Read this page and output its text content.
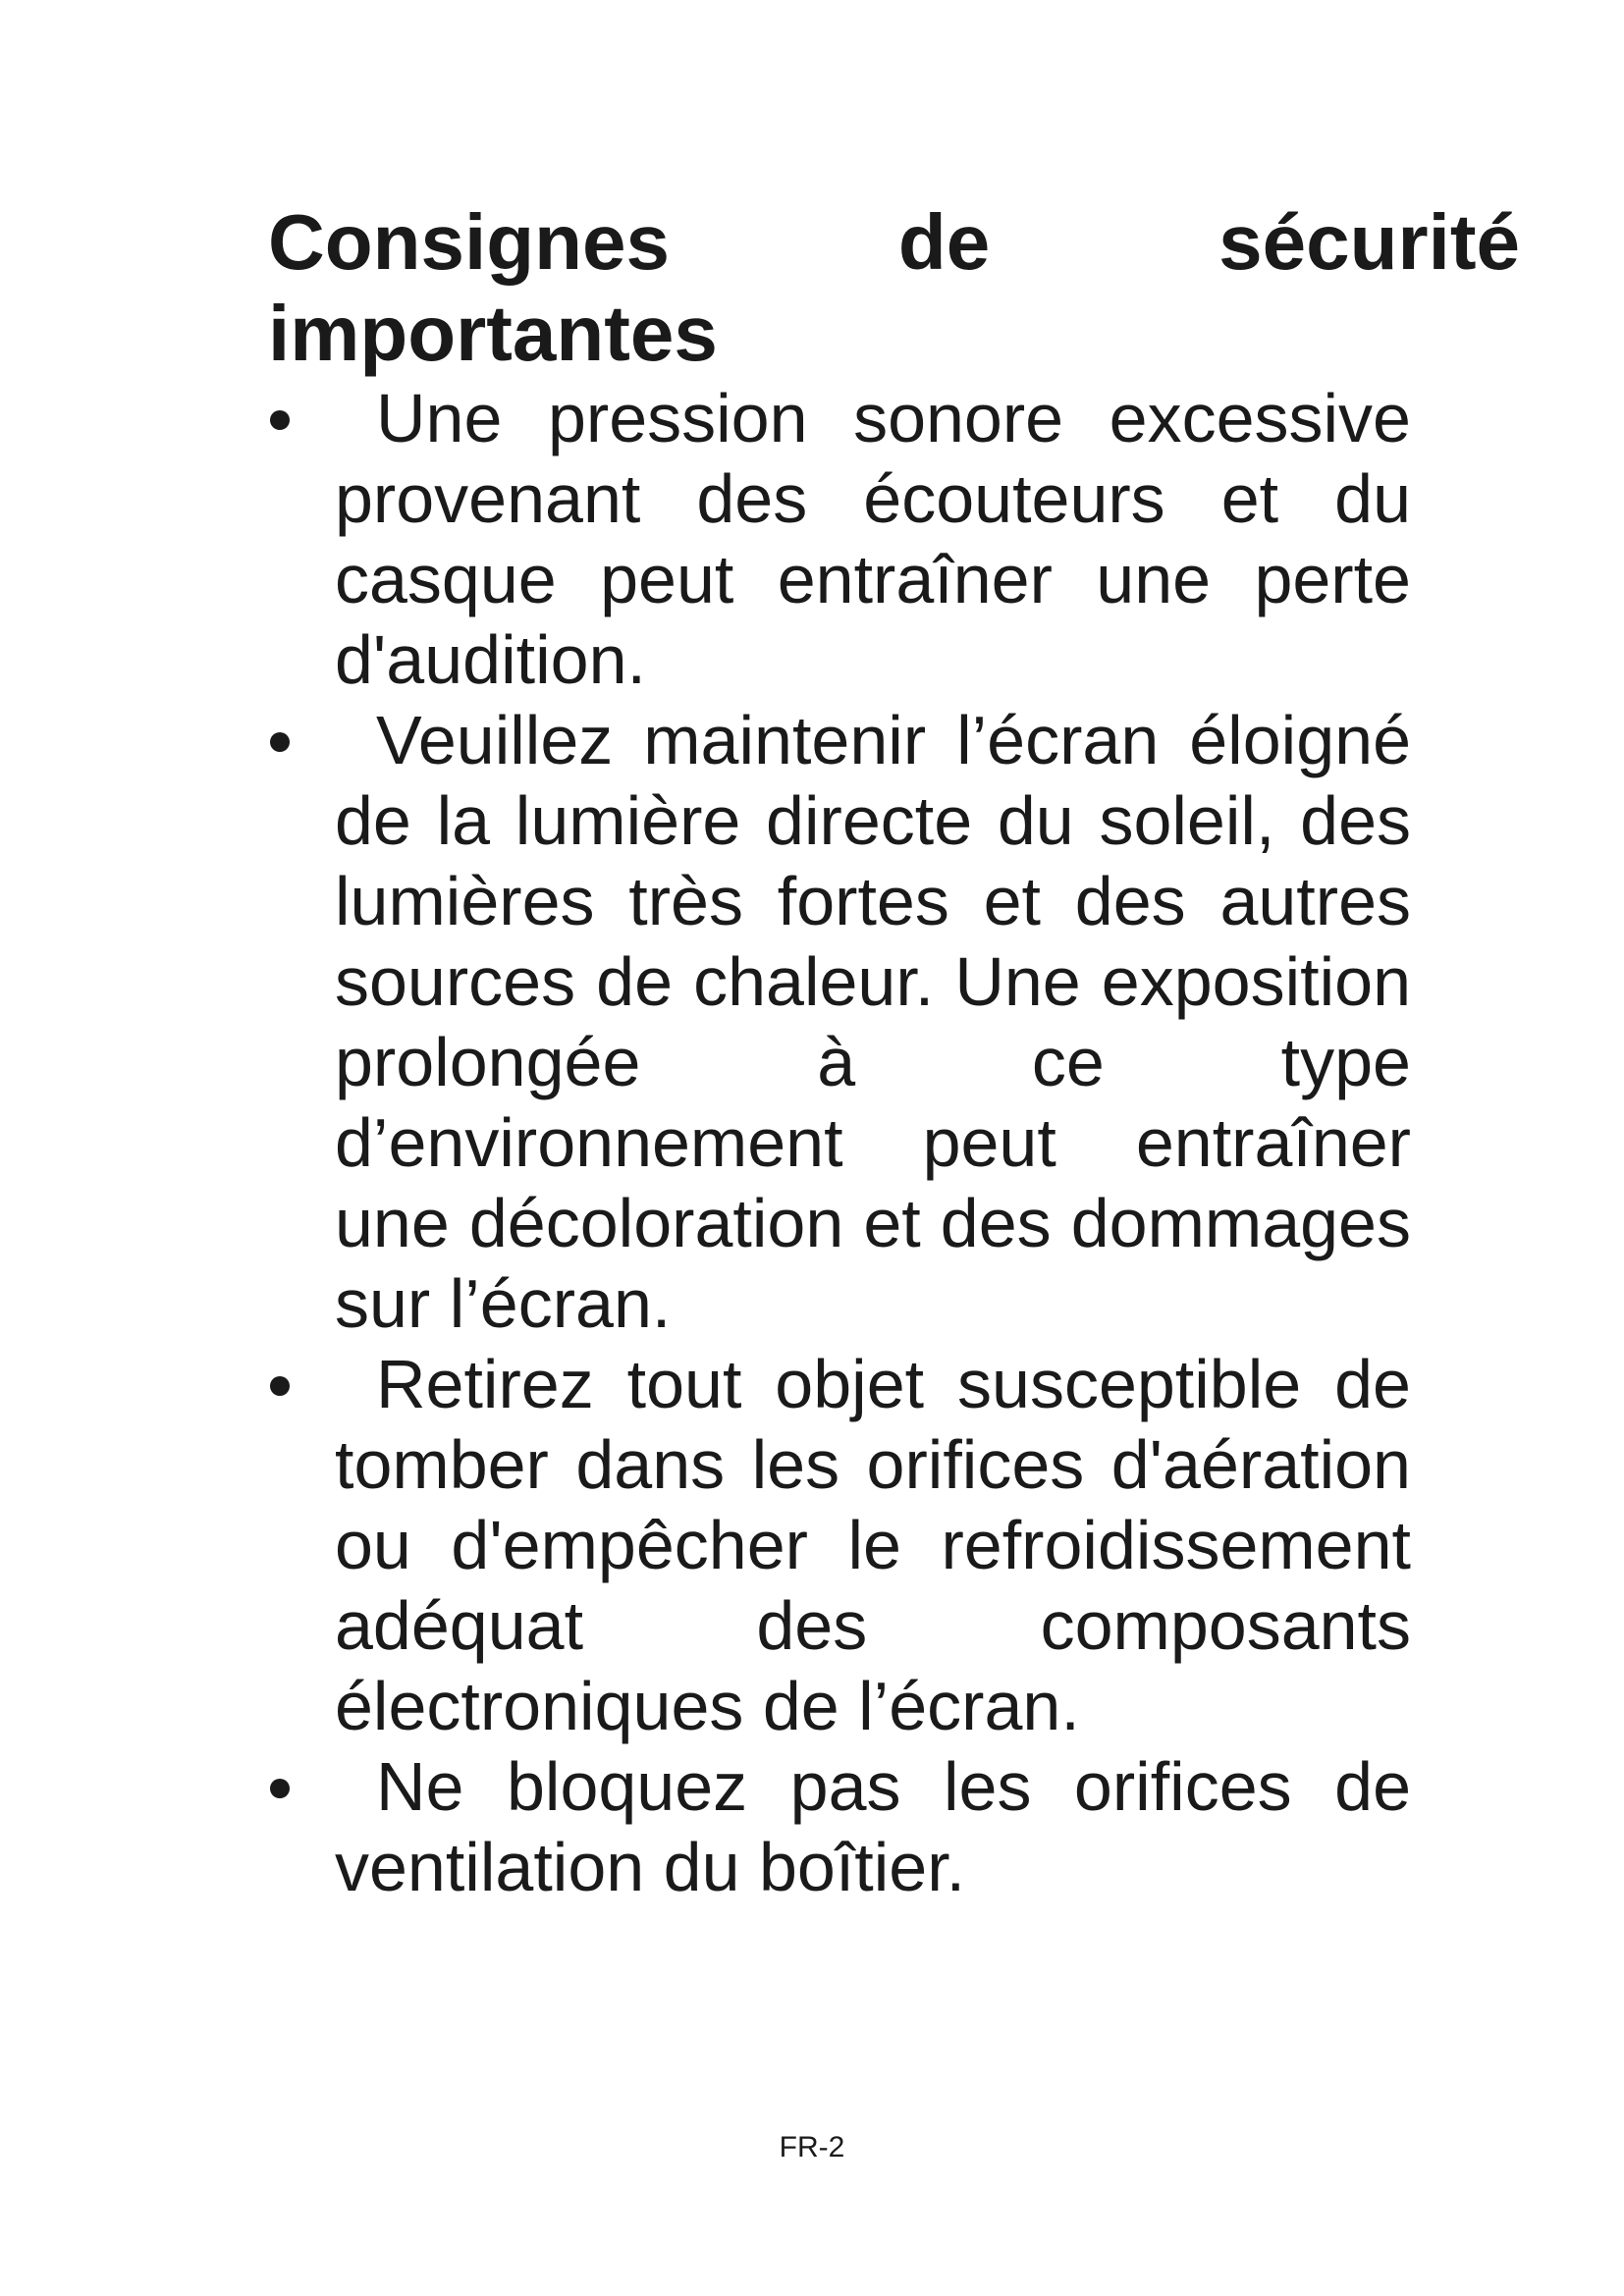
Consignes de sécurité importantes
Une pression sonore excessive provenant des écouteurs et du casque peut entraîner une perte d'audition.
Veuillez maintenir l’écran éloigné de la lumière directe du soleil, des lumières très fortes et des autres sources de chaleur. Une exposition prolongée à ce type d’environnement peut entraîner une décoloration et des dommages sur l’écran.
Retirez tout objet susceptible de tomber dans les orifices d'aération ou d'empêcher le refroidissement adéquat des composants électroniques de l’écran.
Ne bloquez pas les orifices de ventilation du boîtier.
FR-2
